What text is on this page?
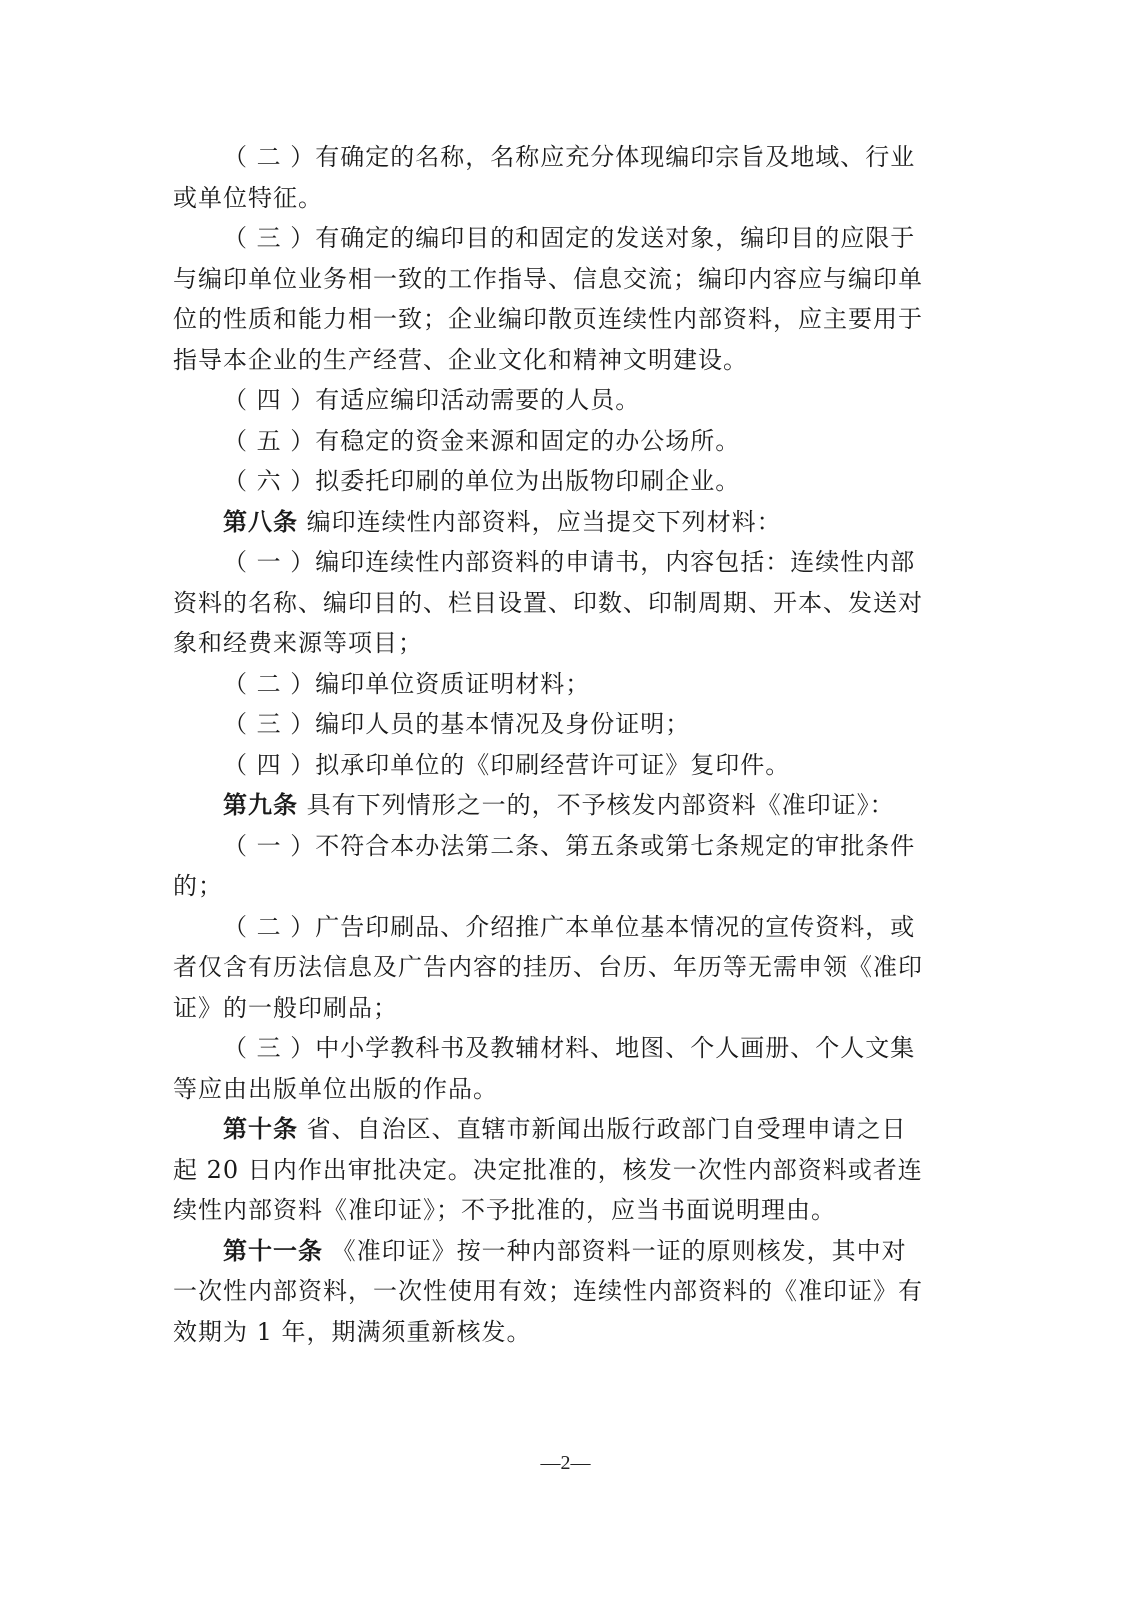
（ 二 ）有确定的名称，名称应充分体现编印宗旨及地域、行业
或单位特征。
（ 三 ）有确定的编印目的和固定的发送对象，编印目的应限于
与编印单位业务相一致的工作指导、信息交流；编印内容应与编印单
位的性质和能力相一致；企业编印散页连续性内部资料，应主要用于
指导本企业的生产经营、企业文化和精神文明建设。
（ 四 ）有适应编印活动需要的人员。
（ 五 ）有稳定的资金来源和固定的办公场所。
（ 六 ）拟委托印刷的单位为出版物印刷企业。
第八条 编印连续性内部资料，应当提交下列材料：
（ 一 ）编印连续性内部资料的申请书，内容包括：连续性内部
资料的名称、编印目的、栏目设置、印数、印制周期、开本、发送对
象和经费来源等项目；
（ 二 ）编印单位资质证明材料；
（ 三 ）编印人员的基本情况及身份证明；
（ 四 ）拟承印单位的《印刷经营许可证》复印件。
第九条 具有下列情形之一的，不予核发内部资料《准印证》：
（ 一 ）不符合本办法第二条、第五条或第七条规定的审批条件
的；
（ 二 ）广告印刷品、介绍推广本单位基本情况的宣传资料，或
者仅含有历法信息及广告内容的挂历、台历、年历等无需申领《准印
证》的一般印刷品；
（ 三 ）中小学教科书及教辅材料、地图、个人画册、个人文集
等应由出版单位出版的作品。
第十条 省、自治区、直辖市新闻出版行政部门自受理申请之日
起 20 日内作出审批决定。决定批准的，核发一次性内部资料或者连
续性内部资料《准印证》；不予批准的，应当书面说明理由。
第十一条 《准印证》按一种内部资料一证的原则核发，其中对
一次性内部资料，一次性使用有效；连续性内部资料的《准印证》有
效期为 1 年，期满须重新核发。
—2—
